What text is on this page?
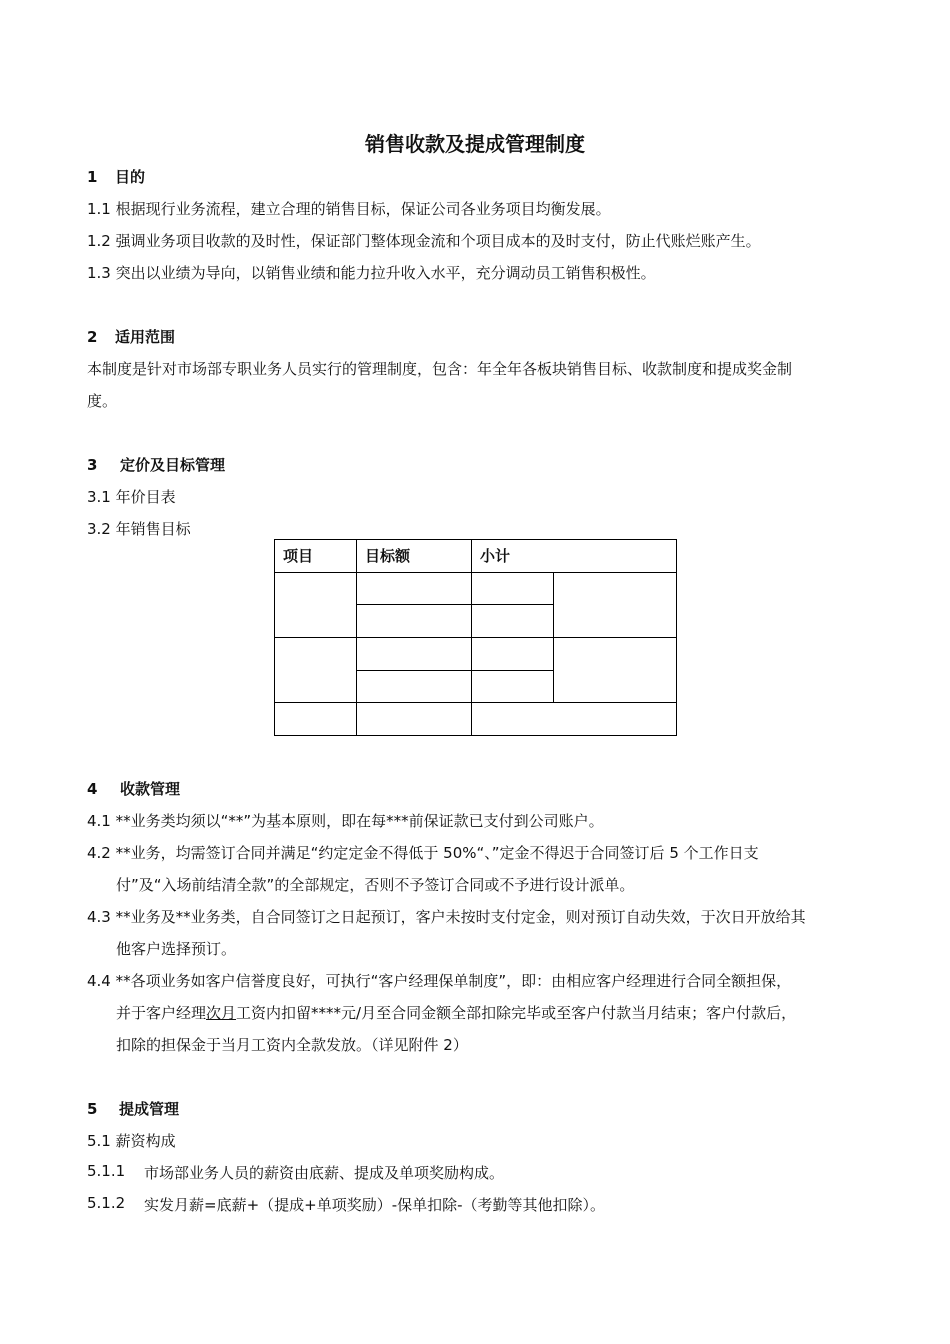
销售收款及提成管理制度
1 目的
1.1 根据现行业务流程，建立合理的销售目标，保证公司各业务项目均衡发展。
1.2 强调业务项目收款的及时性，保证部门整体现金流和个项目成本的及时支付，防止代账烂账产生。
1.3 突出以业绩为导向，以销售业绩和能力拉升收入水平，充分调动员工销售积极性。
2 适用范围
本制度是针对市场部专职业务人员实行的管理制度，包含：年全年各板块销售目标、收款制度和提成奖金制
度。
3 定价及目标管理
3.1 年价目表
3.2 年销售目标
项目	目标额	小计	

4 收款管理
4.1 **业务类均须以“**”为基本原则，即在每***前保证款已支付到公司账户。
4.2 **业务，均需签订合同并满足“约定定金不得低于 50%“、”定金不得迟于合同签订后 5 个工作日支
付”及“入场前结清全款”的全部规定，否则不予签订合同或不予进行设计派单。
4.3 **业务及**业务类，自合同签订之日起预订，客户未按时支付定金，则对预订自动失效，于次日开放给其
他客户选择预订。
4.4 **各项业务如客户信誉度良好，可执行“客户经理保单制度”，即：由相应客户经理进行合同全额担保，
并于客户经理次月工资内扣留****元/月至合同金额全部扣除完毕或至客户付款当月结束；客户付款后，
扣除的担保金于当月工资内全款发放。（详见附件 2）
5 提成管理
5.1 薪资构成
5.1.1 市场部业务人员的薪资由底薪、提成及单项奖励构成。
5.1.2 实发月薪=底薪+（提成+单项奖励）-保单扣除-（考勤等其他扣除）。
